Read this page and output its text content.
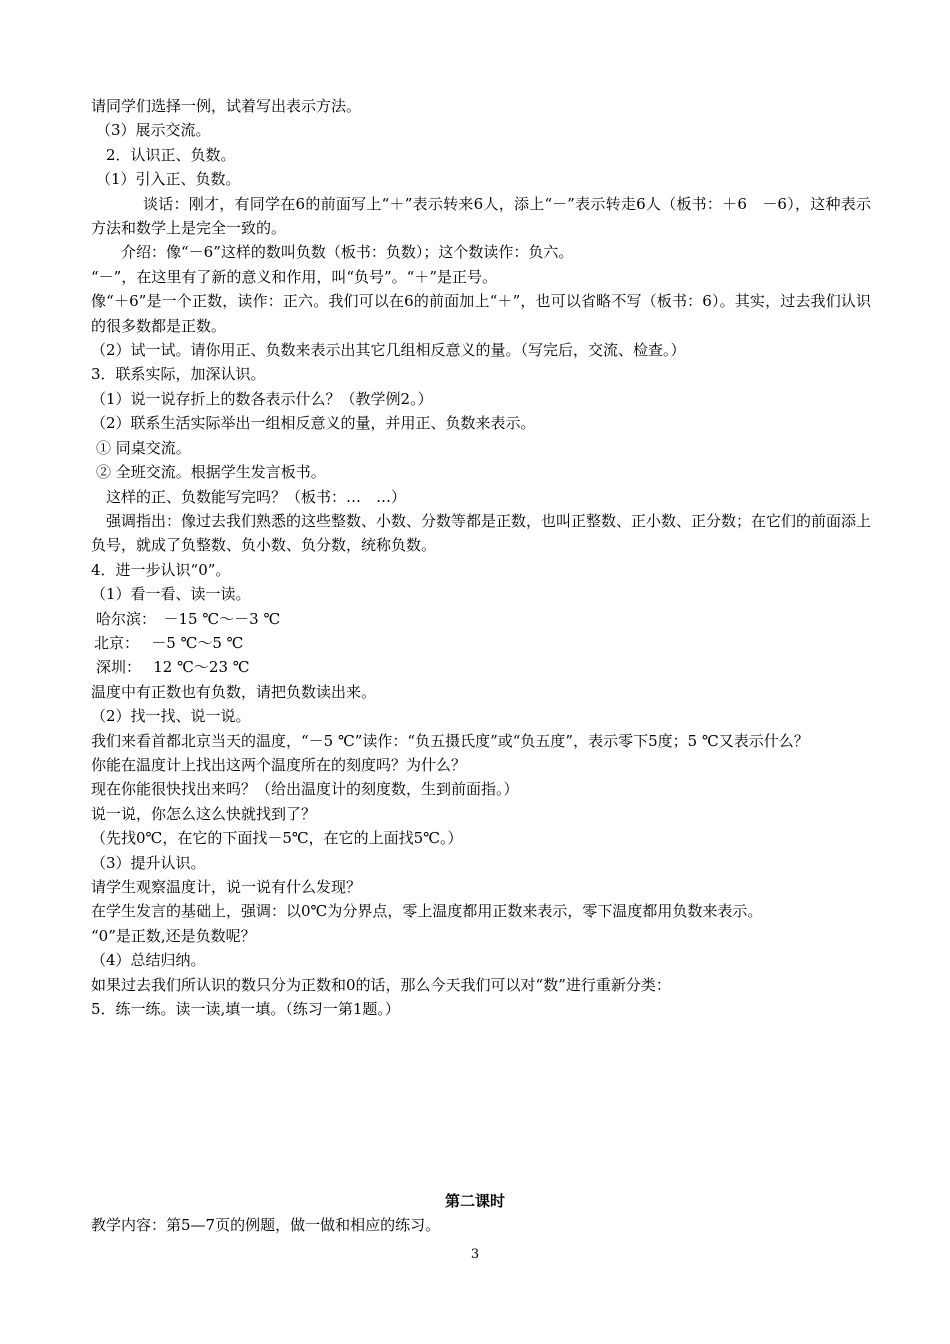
请同学们选择一例，试着写出表示方法。
（3）展示交流。
2．认识正、负数。
（1）引入正、负数。
谈话：刚才，有同学在6的前面写上“＋”表示转来6人，添上“－”表示转走6人（板书：＋6　－6），这种表示方法和数学上是完全一致的。
介绍：像“－6”这样的数叫负数（板书：负数）；这个数读作：负六。
“－”，在这里有了新的意义和作用，叫“负号”。“＋”是正号。
像“＋6”是一个正数，读作：正六。我们可以在6的前面加上“＋”，也可以省略不写（板书：6）。其实，过去我们认识的很多数都是正数。
（2）试一试。请你用正、负数来表示出其它几组相反意义的量。（写完后，交流、检查。）
3．联系实际，加深认识。
（1）说一说存折上的数各表示什么？（教学例2。）
（2）联系生活实际举出一组相反意义的量，并用正、负数来表示。
① 同桌交流。
② 全班交流。根据学生发言板书。
这样的正、负数能写完吗？（板书：…　…）
强调指出：像过去我们熟悉的这些整数、小数、分数等都是正数，也叫正整数、正小数、正分数；在它们的前面添上负号，就成了负整数、负小数、负分数，统称负数。
4．进一步认识“0”。
（1）看一看、读一读。
哈尔滨：　－15 ℃～－3 ℃
北京：　 －5 ℃～5 ℃
深圳：　 12 ℃～23 ℃
温度中有正数也有负数，请把负数读出来。
（2）找一找、说一说。
我们来看首都北京当天的温度，“－5 ℃”读作：“负五摄氏度”或“负五度”，表示零下5度；5 ℃又表示什么？
你能在温度计上找出这两个温度所在的刻度吗？为什么？
现在你能很快找出来吗？（给出温度计的刻度数，生到前面指。）
说一说，你怎么这么快就找到了？
（先找0℃，在它的下面找－5℃，在它的上面找5℃。）
（3）提升认识。
请学生观察温度计，说一说有什么发现？
在学生发言的基础上，强调：以0℃为分界点，零上温度都用正数来表示，零下温度都用负数来表示。
“0”是正数,还是负数呢？
（4）总结归纳。
如果过去我们所认识的数只分为正数和0的话，那么今天我们可以对“数”进行重新分类：
5．练一练。读一读,填一填。（练习一第1题。）
第二课时
教学内容：第5—7页的例题，做一做和相应的练习。
3
